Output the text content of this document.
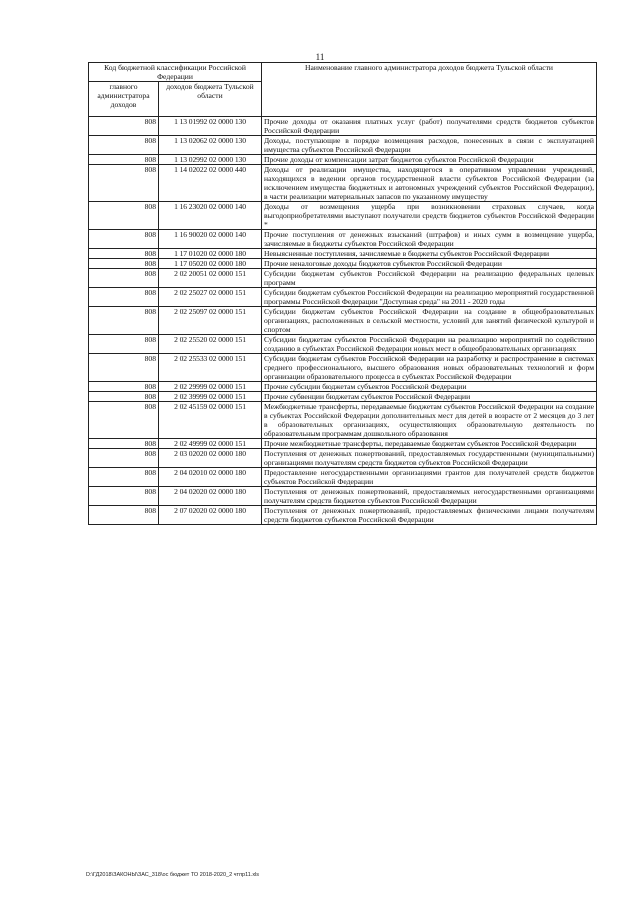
11
Код бюджетной классификации Российской Федерации		Наименование главного администратора доходов бюджета Тульской области
главного администратора доходов	доходов бюджета Тульской области	
808	1 13 01992 02 0000 130	Прочие доходы от оказания платных услуг (работ) получателями средств бюджетов субъектов Российской Федерации
808	1 13 02062 02 0000 130	Доходы, поступающие в порядке возмещения расходов, понесенных в связи с эксплуатацией имущества субъектов Российской Федерации
808	1 13 02992 02 0000 130	Прочие доходы от компенсации затрат бюджетов субъектов Российской Федерации
808	1 14 02022 02 0000 440	Доходы от реализации имущества, находящегося в оперативном управлении учреждений, находящихся в ведении органов государственной власти субъектов Российской Федерации (за исключением имущества бюджетных и автономных учреждений субъектов Российской Федерации), в части реализации материальных запасов по указанному имуществу
808	1 16 23020 02 0000 140	Доходы от возмещения ущерба при возникновении страховых случаев, когда выгодоприобретателями выступают получатели средств бюджетов субъектов Российской Федерации *
808	1 16 90020 02 0000 140	Прочие поступления от денежных взысканий (штрафов) и иных сумм в возмещение ущерба, зачисляемые в бюджеты субъектов Российской Федерации
808	1 17 01020 02 0000 180	Невыясненные поступления, зачисляемые в бюджеты субъектов Российской Федерации
808	1 17 05020 02 0000 180	Прочие неналоговые доходы бюджетов субъектов Российской Федерации
808	2 02 20051 02 0000 151	Субсидии бюджетам субъектов Российской Федерации на реализацию федеральных целевых программ
808	2 02 25027 02 0000 151	Субсидии бюджетам субъектов Российской Федерации на реализацию мероприятий государственной программы Российской Федерации "Доступная среда" на 2011 - 2020 годы
808	2 02 25097 02 0000 151	Субсидии бюджетам субъектов Российской Федерации на создание в общеобразовательных организациях, расположенных в сельской местности, условий для занятий физической культурой и спортом
808	2 02 25520 02 0000 151	Субсидии бюджетам субъектов Российской Федерации на реализацию мероприятий по содействию созданию в субъектах Российской Федерации новых мест в общеобразовательных организациях
808	2 02 25533 02 0000 151	Субсидии бюджетам субъектов Российской Федерации на разработку и распространение в системах среднего профессионального, высшего образования новых образовательных технологий и форм организации образовательного процесса в субъектах Российской Федерации
808	2 02 29999 02 0000 151	Прочие субсидии бюджетам субъектов Российской Федерации
808	2 02 39999 02 0000 151	Прочие субвенции бюджетам субъектов Российской Федерации
808	2 02 45159 02 0000 151	Межбюджетные трансферты, передаваемые бюджетам субъектов Российской Федерации на создание в субъектах Российской Федерации дополнительных мест для детей в возрасте от 2 месяцев до 3 лет в образовательных организациях, осуществляющих образовательную деятельность по образовательным программам дошкольного образования
808	2 02 49999 02 0000 151	Прочие межбюджетные трансферты, передаваемые бюджетам субъектов Российской Федерации
808	2 03 02020 02 0000 180	Поступления от денежных пожертвований, предоставляемых государственными (муниципальными) организациями получателям средств бюджетов субъектов Российской Федерации
808	2 04 02010 02 0000 180	Предоставление негосударственными организациями грантов для получателей средств бюджетов субъектов Российской Федерации
808	2 04 02020 02 0000 180	Поступления от денежных пожертвований, предоставляемых негосударственными организациями получателям средств бюджетов субъектов Российской Федерации
808	2 07 02020 02 0000 180	Поступления от денежных пожертвований, предоставляемых физическими лицами получателям средств бюджетов субъектов Российской Федерации
D:\ГД2018\ЗАКОНЫ\ЗАС_318\ос бюджет ТО 2018-2020_2 чтпр11.xls
